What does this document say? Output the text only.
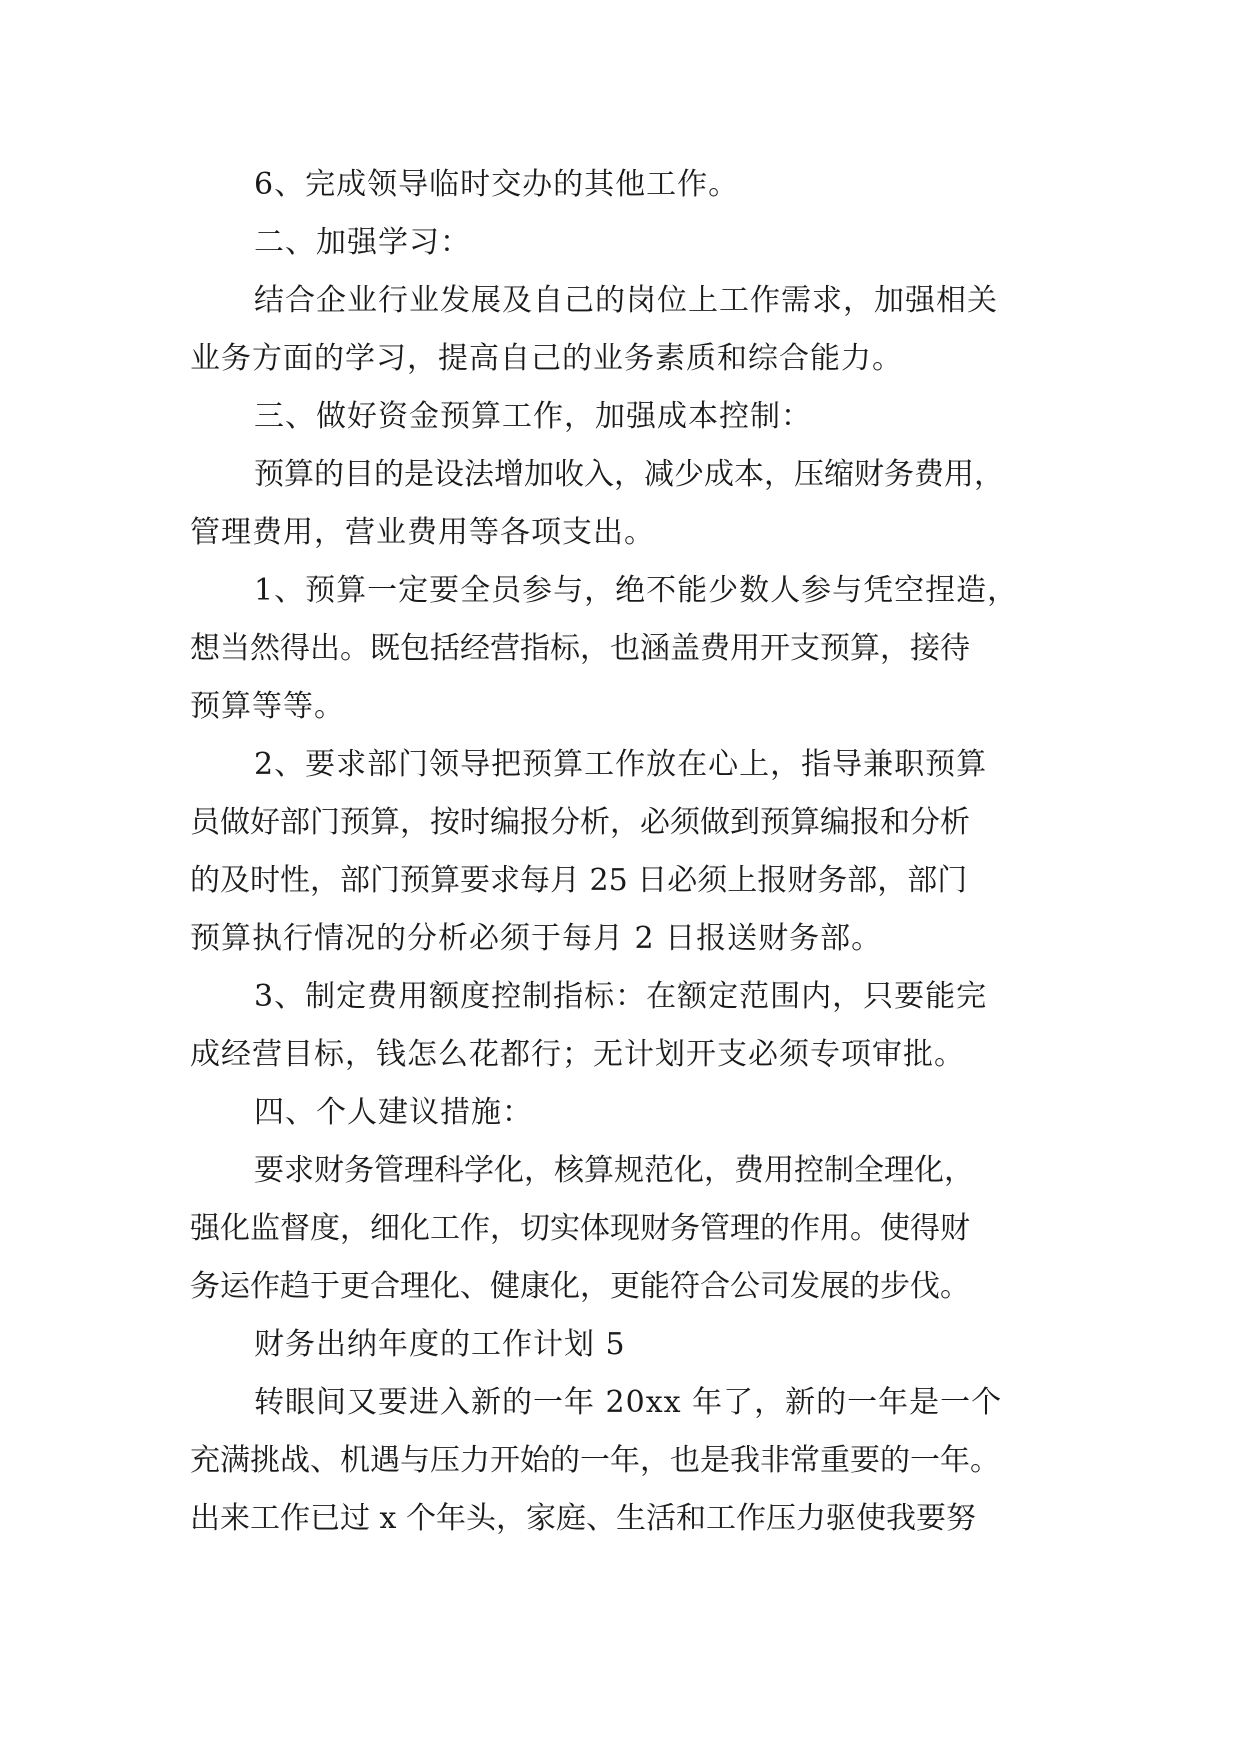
6、完成领导临时交办的其他工作。
二、加强学习：
结合企业行业发展及自己的岗位上工作需求，加强相关
业务方面的学习，提高自己的业务素质和综合能力。
三、做好资金预算工作，加强成本控制：
预算的目的是设法增加收入，减少成本，压缩财务费用，
管理费用，营业费用等各项支出。
1、预算一定要全员参与，绝不能少数人参与凭空捏造，
想当然得出。既包括经营指标，也涵盖费用开支预算，接待
预算等等。
2、要求部门领导把预算工作放在心上，指导兼职预算
员做好部门预算，按时编报分析，必须做到预算编报和分析
的及时性，部门预算要求每月 25 日必须上报财务部，部门
预算执行情况的分析必须于每月 2 日报送财务部。
3、制定费用额度控制指标：在额定范围内，只要能完
成经营目标，钱怎么花都行；无计划开支必须专项审批。
四、个人建议措施：
要求财务管理科学化，核算规范化，费用控制全理化，
强化监督度，细化工作，切实体现财务管理的作用。使得财
务运作趋于更合理化、健康化，更能符合公司发展的步伐。
财务出纳年度的工作计划 5
转眼间又要进入新的一年 20xx 年了，新的一年是一个
充满挑战、机遇与压力开始的一年，也是我非常重要的一年。
出来工作已过 x 个年头，家庭、生活和工作压力驱使我要努
